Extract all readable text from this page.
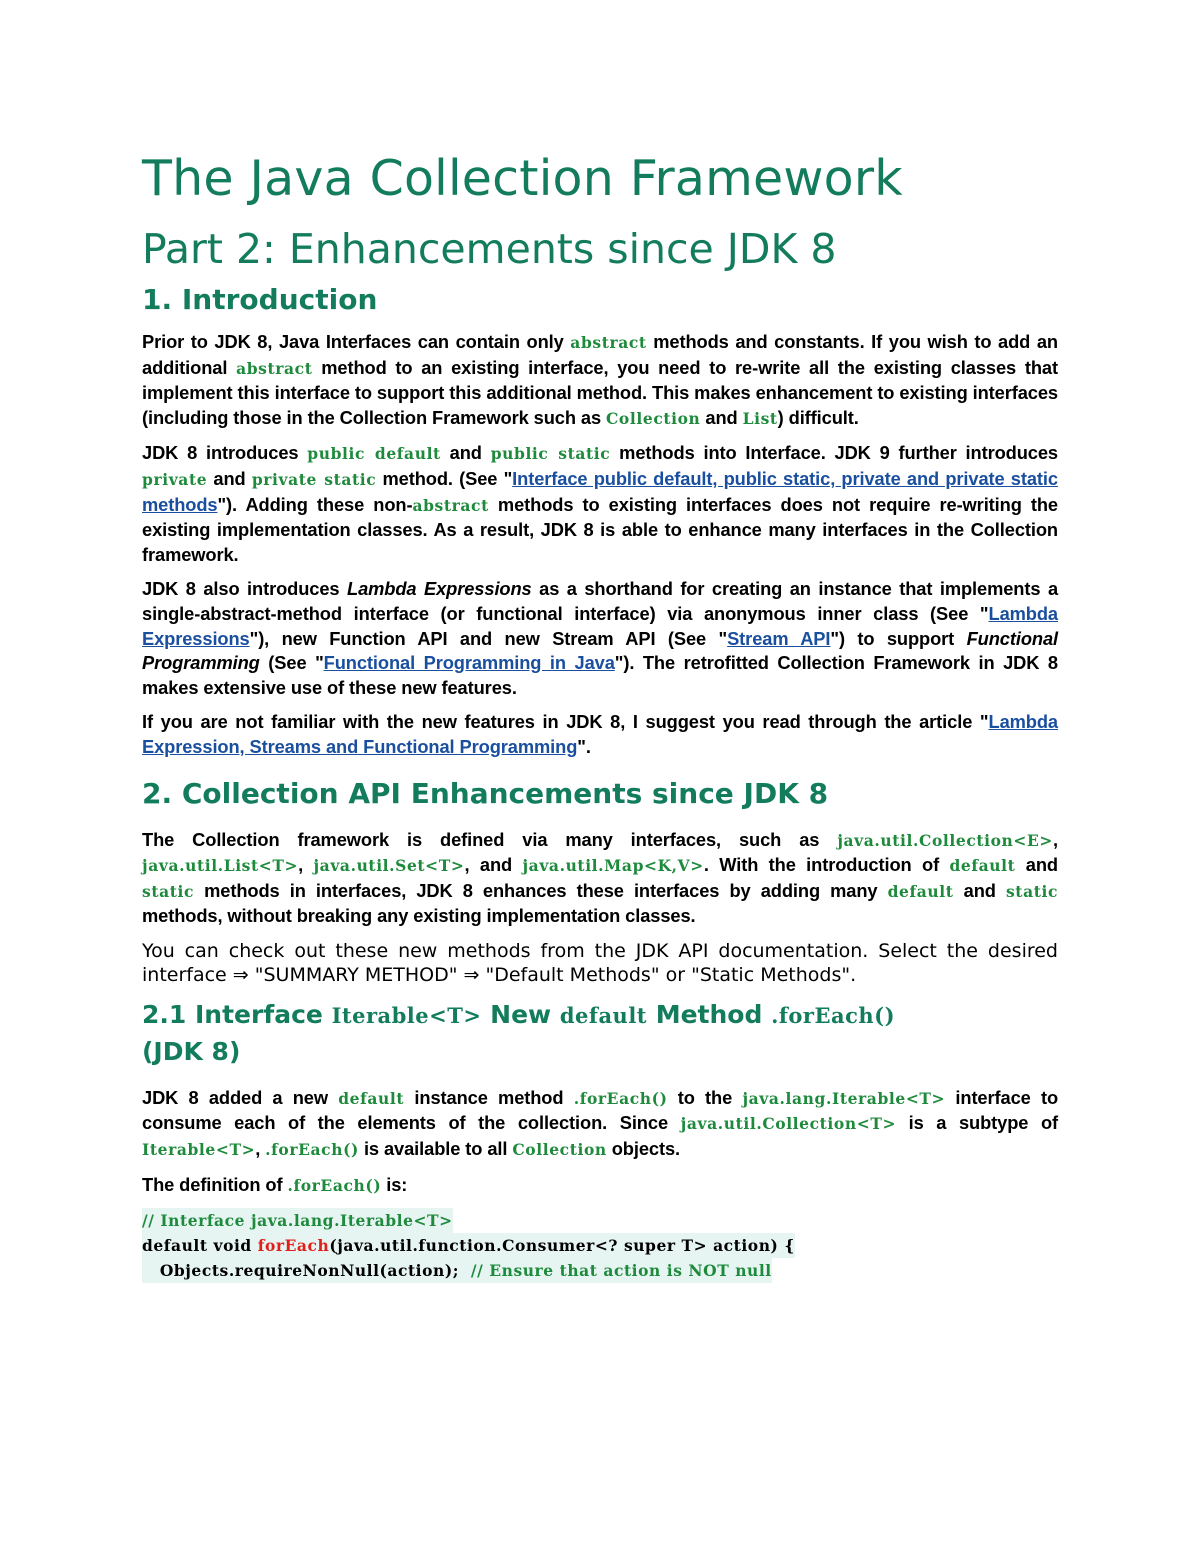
The Java Collection Framework
Part 2: Enhancements since JDK 8
1. Introduction

Prior to JDK 8, Java Interfaces can contain only abstract methods and constants. If you wish to add an additional abstract method to an existing interface, you need to re-write all the existing classes that implement this interface to support this additional method. This makes enhancement to existing interfaces (including those in the Collection Framework such as Collection and List) difficult.

JDK 8 introduces public default and public static methods into Interface. JDK 9 further introduces private and private static method. (See "Interface public default, public static, private and private static methods"). Adding these non-abstract methods to existing interfaces does not require re-writing the existing implementation classes. As a result, JDK 8 is able to enhance many interfaces in the Collection framework.

JDK 8 also introduces Lambda Expressions as a shorthand for creating an instance that implements a single-abstract-method interface (or functional interface) via anonymous inner class (See "Lambda Expressions"), new Function API and new Stream API (See "Stream API") to support Functional Programming (See "Functional Programming in Java"). The retrofitted Collection Framework in JDK 8 makes extensive use of these new features.

If you are not familiar with the new features in JDK 8, I suggest you read through the article "Lambda Expression, Streams and Functional Programming".

2. Collection API Enhancements since JDK 8

The Collection framework is defined via many interfaces, such as java.util.Collection<E>, java.util.List<T>, java.util.Set<T>, and java.util.Map<K,V>. With the introduction of default and static methods in interfaces, JDK 8 enhances these interfaces by adding many default and static methods, without breaking any existing implementation classes.

You can check out these new methods from the JDK API documentation. Select the desired interface ⇒ "SUMMARY METHOD" ⇒ "Default Methods" or "Static Methods".

2.1 Interface Iterable<T> New default Method .forEach()
(JDK 8)

JDK 8 added a new default instance method .forEach() to the java.lang.Iterable<T> interface to consume each of the elements of the collection. Since java.util.Collection<T> is a subtype of Iterable<T>, .forEach() is available to all Collection objects.

The definition of .forEach() is:

// Interface java.lang.Iterable<T>
default void forEach(java.util.function.Consumer<? super T> action) {
Objects.requireNonNull(action);  // Ensure that action is NOT null
